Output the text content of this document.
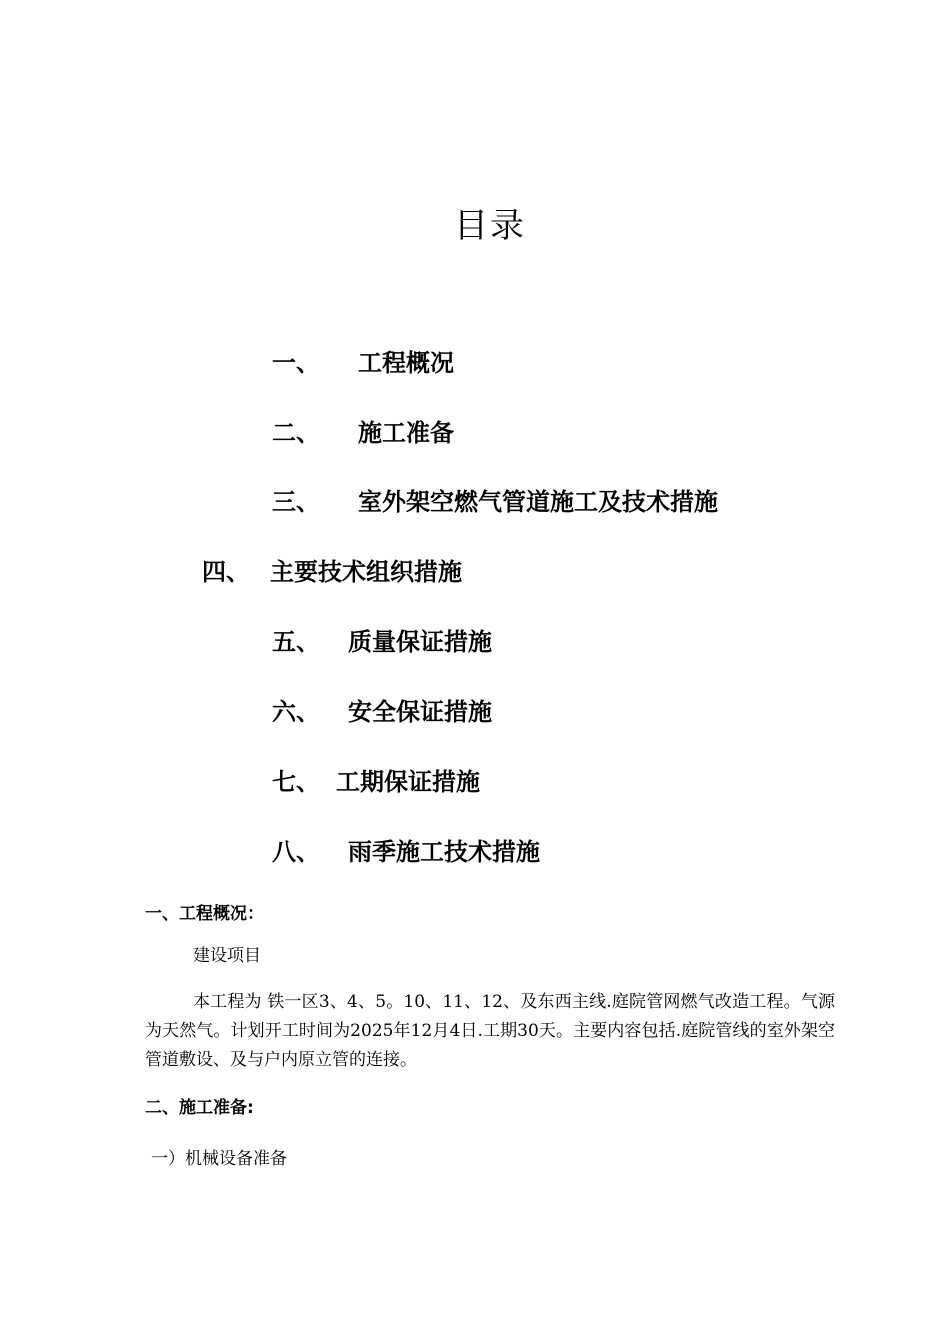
目录
一、 工程概况
二、 施工准备
三、 室外架空燃气管道施工及技术措施
四、 主要技术组织措施
五、 质量保证措施
六、 安全保证措施
七、 工期保证措施
八、 雨季施工技术措施
一、工程概况：
建设项目
本工程为 铁一区3、4、5。10、11、12、及东西主线.庭院管网燃气改造工程。气源为天然气。计划开工时间为2025年12月4日.工期30天。主要内容包括.庭院管线的室外架空管道敷设、及与户内原立管的连接。
二、施工准备:
一）机械设备准备
